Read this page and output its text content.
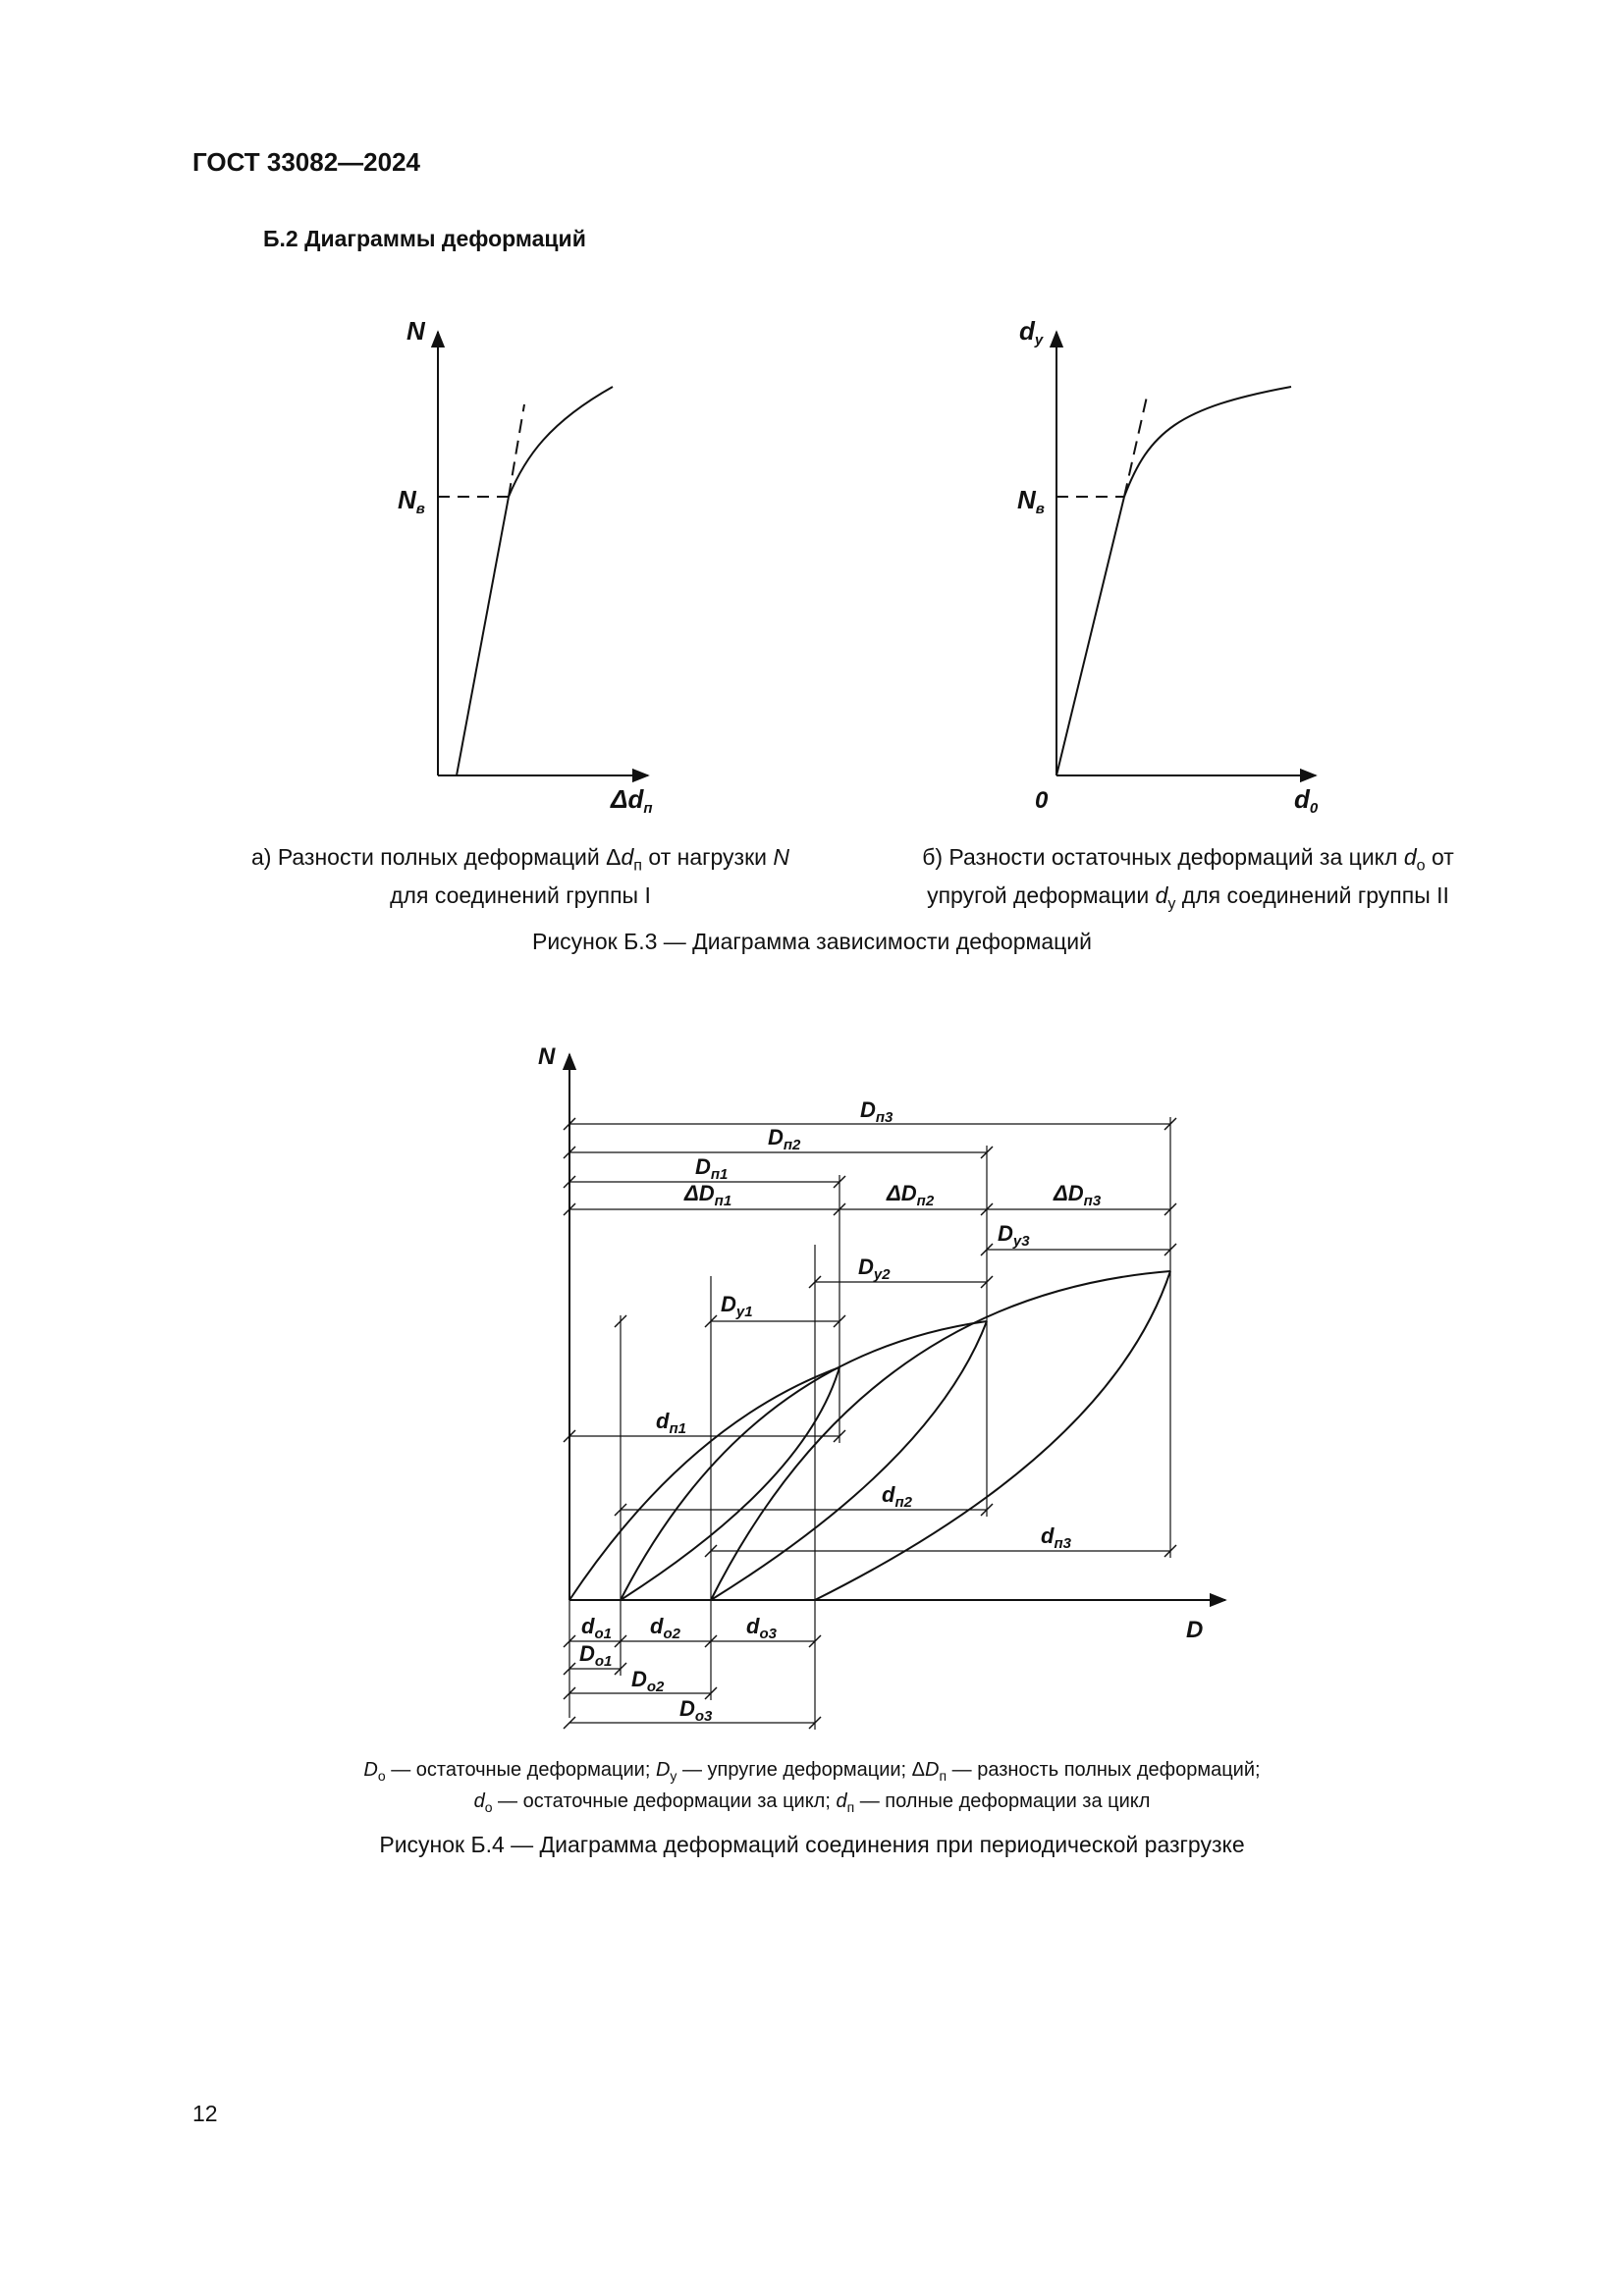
ГОСТ 33082—2024
Б.2 Диаграммы деформаций
N
Nв
Δdп
dу
Nв
0	d0
N
D
$D_{п3}$
$D_{п2}$
$D_{п1}$
$\Delta D_{п1}$	$\Delta D_{п2}$	$\Delta D_{п3}$
$D_{у3}$
$D_{у2}$
$D_{у1}$
$d_{п1}$
$d_{п2}$
$d_{п3}$
$d_{о1}$ $d_{о2}$	$d_{о3}$
$D_{о1}$
$D_{о2}$
$D_{о3}$
а) Разности полных деформаций $\Delta d_п$ от нагрузки N
для соединений группы I
б) Разности остаточных деформаций за цикл $d_о$ от
упругой деформации $d_у$ для соединений группы II
Рисунок Б.3 — Диаграмма зависимости деформаций
$D_о$ — остаточные деформации; $D_у$ — упругие деформации; $\Delta D_п$ — разность полных деформаций;
$d_о$ — остаточные деформации за цикл; $d_п$ — полные деформации за цикл
Рисунок Б.4 — Диаграмма деформаций соединения при периодической разгрузке
12
